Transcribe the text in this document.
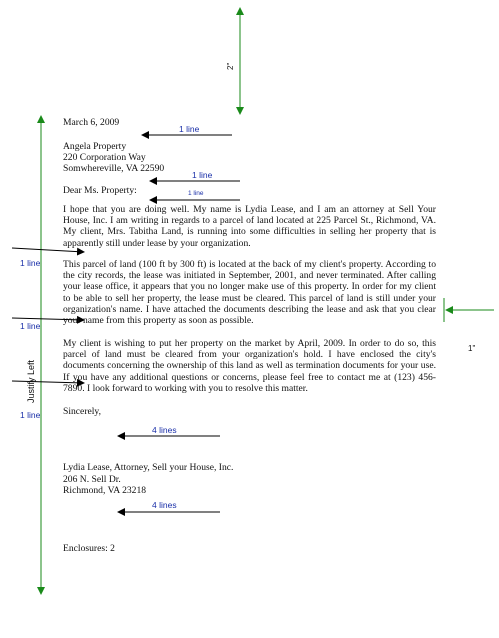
1 line
1 line
1 line
1 line
1 line
1 line
4 lines
4 lines
1"
2"
Justify Left
March 6, 2009
Angela Property
220 Corporation Way
Somwhereville, VA 22590
Dear Ms. Property:
I hope that you are doing well. My name is Lydia Lease, and I am an attorney at Sell Your House, Inc. I am writing in regards to a parcel of land located at 225 Parcel St., Richmond, VA. My client, Mrs. Tabitha Land, is running into some difficulties in selling her property that is apparently still under lease by your organization.
This parcel of land (100 ft by 300 ft) is located at the back of my client's property. According to the city records, the lease was initiated in September, 2001, and never terminated. After calling your lease office, it appears that you no longer make use of this property. In order for my client to be able to sell her property, the lease must be cleared. This parcel of land is still under your organization's name. I have attached the documents describing the lease and ask that you clear your name from this property as soon as possible.
My client is wishing to put her property on the market by April, 2009. In order to do so, this parcel of land must be cleared from your organization's hold. I have enclosed the city's documents concerning the ownership of this land as well as termination documents for your use. If you have any additional questions or concerns, please feel free to contact me at (123) 456-7890. I look forward to working with you to resolve this matter.
Sincerely,
Lydia Lease, Attorney, Sell your House, Inc.
206 N. Sell Dr.
Richmond, VA 23218
Enclosures: 2
